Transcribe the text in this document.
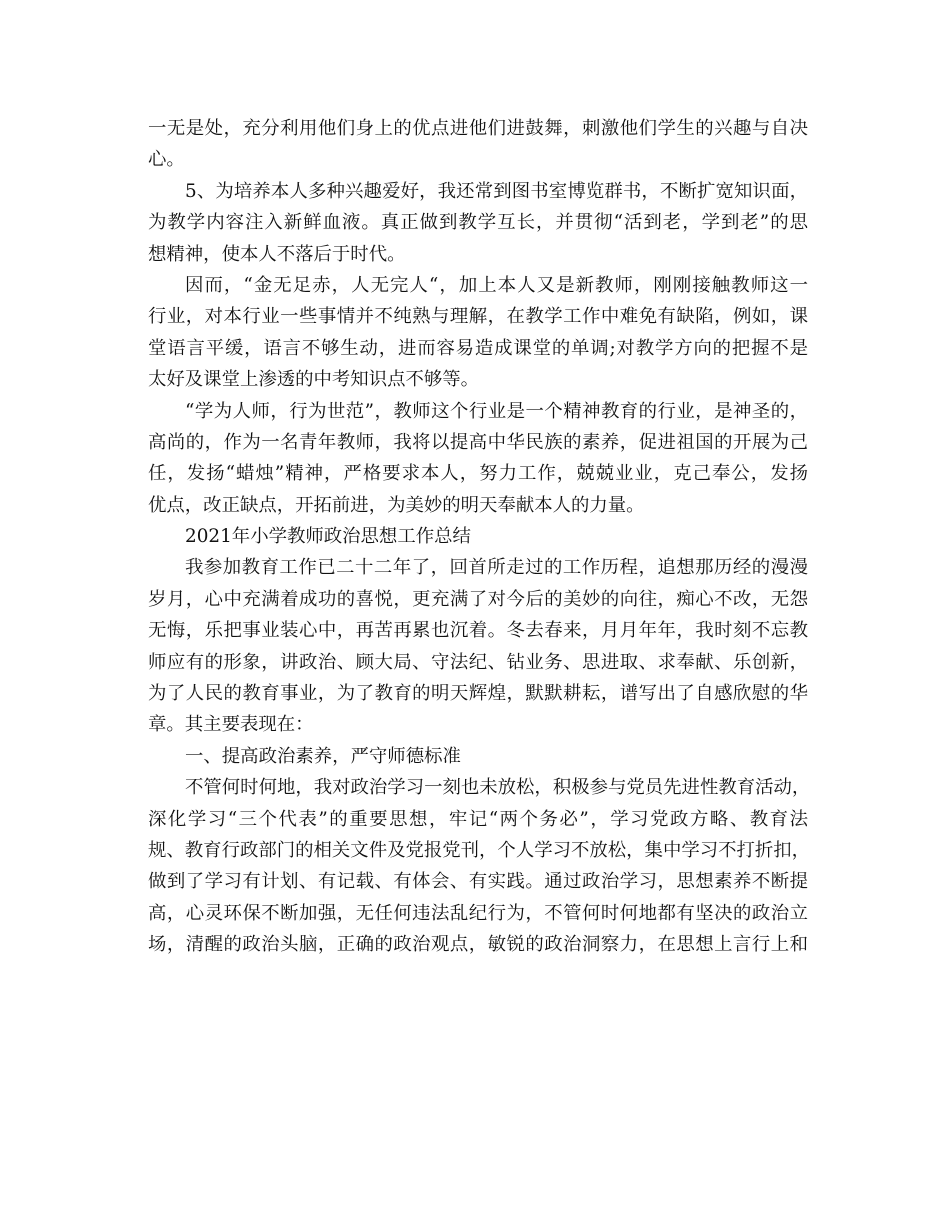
一无是处，充分利用他们身上的优点进他们进鼓舞，刺激他们学生的兴趣与自决
心。
5、为培养本人多种兴趣爱好，我还常到图书室博览群书，不断扩宽知识面，
为教学内容注入新鲜血液。真正做到教学互长，并贯彻“活到老，学到老”的思
想精神，使本人不落后于时代。
因而，“金无足赤，人无完人“，加上本人又是新教师，刚刚接触教师这一
行业，对本行业一些事情并不纯熟与理解，在教学工作中难免有缺陷，例如，课
堂语言平缓，语言不够生动，进而容易造成课堂的单调;对教学方向的把握不是
太好及课堂上渗透的中考知识点不够等。
“学为人师，行为世范”，教师这个行业是一个精神教育的行业，是神圣的，
高尚的，作为一名青年教师，我将以提高中华民族的素养，促进祖国的开展为己
任，发扬“蜡烛”精神，严格要求本人，努力工作，兢兢业业，克己奉公，发扬
优点，改正缺点，开拓前进，为美妙的明天奉献本人的力量。
2021年小学教师政治思想工作总结
我参加教育工作已二十二年了，回首所走过的工作历程，追想那历经的漫漫
岁月，心中充满着成功的喜悦，更充满了对今后的美妙的向往，痴心不改，无怨
无悔，乐把事业装心中，再苦再累也沉着。冬去春来，月月年年，我时刻不忘教
师应有的形象，讲政治、顾大局、守法纪、钻业务、思进取、求奉献、乐创新，
为了人民的教育事业，为了教育的明天辉煌，默默耕耘，谱写出了自感欣慰的华
章。其主要表现在：
一、提高政治素养，严守师德标准
不管何时何地，我对政治学习一刻也未放松，积极参与党员先进性教育活动，
深化学习“三个代表”的重要思想，牢记“两个务必”，学习党政方略、教育法
规、教育行政部门的相关文件及党报党刊，个人学习不放松，集中学习不打折扣，
做到了学习有计划、有记载、有体会、有实践。通过政治学习，思想素养不断提
高，心灵环保不断加强，无任何违法乱纪行为，不管何时何地都有坚决的政治立
场，清醒的政治头脑，正确的政治观点，敏锐的政治洞察力，在思想上言行上和
